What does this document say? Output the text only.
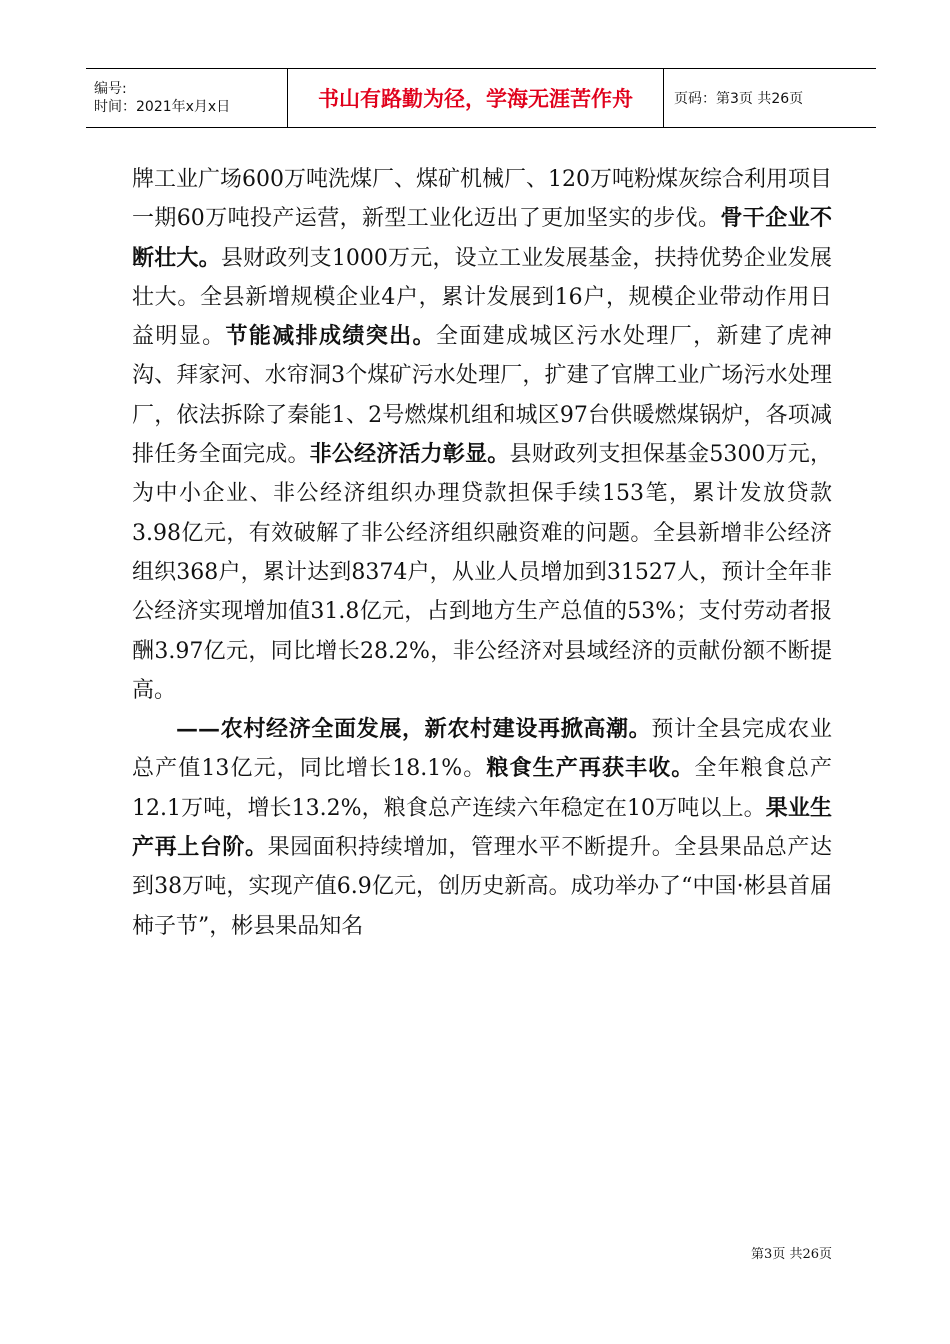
编号:
时间：2021年x月x日	书山有路勤为径，学海无涯苦作舟	页码：第3页 共26页

牌工业广场600万吨洗煤厂、煤矿机械厂、120万吨粉煤灰综合利用项目一期60万吨投产运营，新型工业化迈出了更加坚实的步伐。骨干企业不断壮大。县财政列支1000万元，设立工业发展基金，扶持优势企业发展壮大。全县新增规模企业4户，累计发展到16户，规模企业带动作用日益明显。节能减排成绩突出。全面建成城区污水处理厂，新建了虎神沟、拜家河、水帘洞3个煤矿污水处理厂，扩建了官牌工业广场污水处理厂，依法拆除了秦能1、2号燃煤机组和城区97台供暖燃煤锅炉，各项减排任务全面完成。非公经济活力彰显。县财政列支担保基金5300万元，为中小企业、非公经济组织办理贷款担保手续153笔，累计发放贷款3.98亿元，有效破解了非公经济组织融资难的问题。全县新增非公经济组织368户，累计达到8374户，从业人员增加到31527人，预计全年非公经济实现增加值31.8亿元，占到地方生产总值的53%；支付劳动者报酬3.97亿元，同比增长28.2%，非公经济对县域经济的贡献份额不断提高。

——农村经济全面发展，新农村建设再掀高潮。预计全县完成农业总产值13亿元，同比增长18.1%。粮食生产再获丰收。全年粮食总产12.1万吨，增长13.2%，粮食总产连续六年稳定在10万吨以上。果业生产再上台阶。果园面积持续增加，管理水平不断提升。全县果品总产达到38万吨，实现产值6.9亿元，创历史新高。成功举办了“中国·彬县首届柿子节”，彬县果品知名

第3页 共26页
